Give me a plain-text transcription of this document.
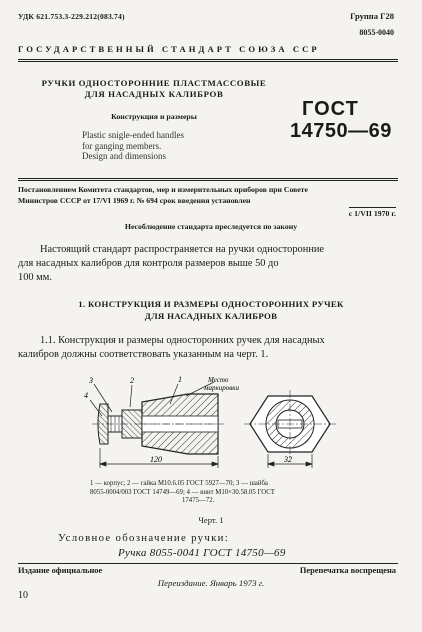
УДК 621.753.3-229.212(083.74)	Группа Г28
8055-0040
ГОСУДАРСТВЕННЫЙ СТАНДАРТ СОЮЗА ССР
РУЧКИ ОДНОСТОРОННИЕ ПЛАСТМАССОВЫЕ
ДЛЯ НАСАДНЫХ КАЛИБРОВ
Конструкция и размеры
Plastic snigle-ended handles
for ganging members.
Design and dimensions
ГОСТ
14750—69
Постановлением Комитета стандартов, мер и измерительных приборов при Совете
Министров СССР от 17/VI 1969 г. № 694 срок введения установлен
с 1/VII 1970 г.
Несоблюдение стандарта преследуется по закону
Настоящий стандарт распространяется на ручки односторонние
для насадных калибров для контроля размеров выше 50 до
100 мм.
1. КОНСТРУКЦИЯ И РАЗМЕРЫ ОДНОСТОРОННИХ РУЧЕК
ДЛЯ НАСАДНЫХ КАЛИБРОВ
1.1. Конструкция и размеры односторонних ручек для насадных
калибров должны соответствовать указанным на черт. 1.
3	2	1
4
Место
маркировки
120	32
1 — корпус; 2 — гайка М10.6.05 ГОСТ 5927—70; 3 — шайба
8055-0004/003 ГОСТ 14749—69; 4 — винт М10×30.58.05 ГОСТ
17475—72.
Черт. 1
Условное обозначение ручки:
Ручка 8055-0041 ГОСТ 14750—69
Издание официальное	Перепечатка воспрещена
Переиздание. Январь 1973 г.
10
